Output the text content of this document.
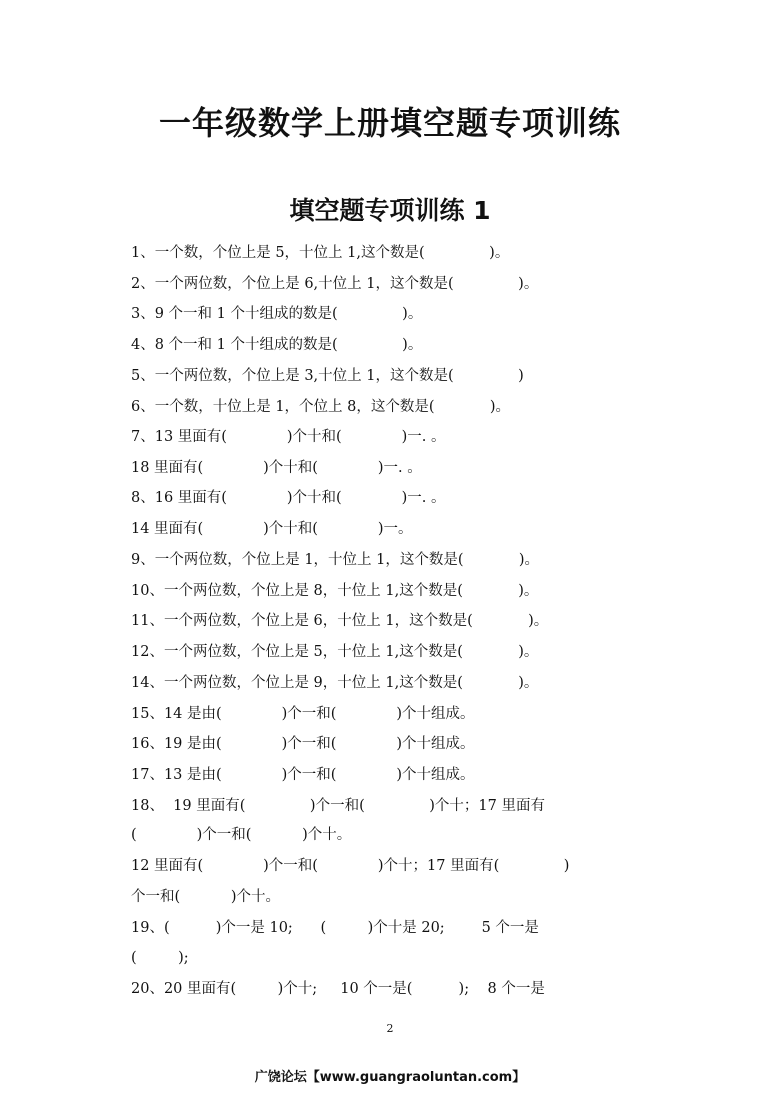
一年级数学上册填空题专项训练
填空题专项训练 1
1、一个数，个位上是 5，十位上 1,这个数是(              )。
2、一个两位数，个位上是 6,十位上 1，这个数是(              )。
3、9 个一和 1 个十组成的数是(              )。
4、8 个一和 1 个十组成的数是(              )。
5、一个两位数，个位上是 3,十位上 1，这个数是(              )
6、一个数，十位上是 1，个位上 8，这个数是(            )。
7、13 里面有(             )个十和(             )一. 。
18 里面有(             )个十和(             )一. 。
8、16 里面有(             )个十和(             )一. 。
14 里面有(             )个十和(             )一。
9、一个两位数，个位上是 1，十位上 1，这个数是(            )。
10、一个两位数，个位上是 8，十位上 1,这个数是(            )。
11、一个两位数，个位上是 6，十位上 1，这个数是(            )。
12、一个两位数，个位上是 5，十位上 1,这个数是(            )。
14、一个两位数，个位上是 9，十位上 1,这个数是(            )。
15、14 是由(             )个一和(             )个十组成。
16、19 是由(             )个一和(             )个十组成。
17、13 是由(             )个一和(             )个十组成。
18、  19 里面有(              )个一和(              )个十；17 里面有
(             )个一和(           )个十。
12 里面有(             )个一和(             )个十；17 里面有(              )
个一和(           )个十。
19、(          )个一是 10;      (         )个十是 20;        5 个一是
(         );
20、20 里面有(         )个十;     10 个一是(          );    8 个一是
2
广饶论坛【www.guangraoluntan.com】
